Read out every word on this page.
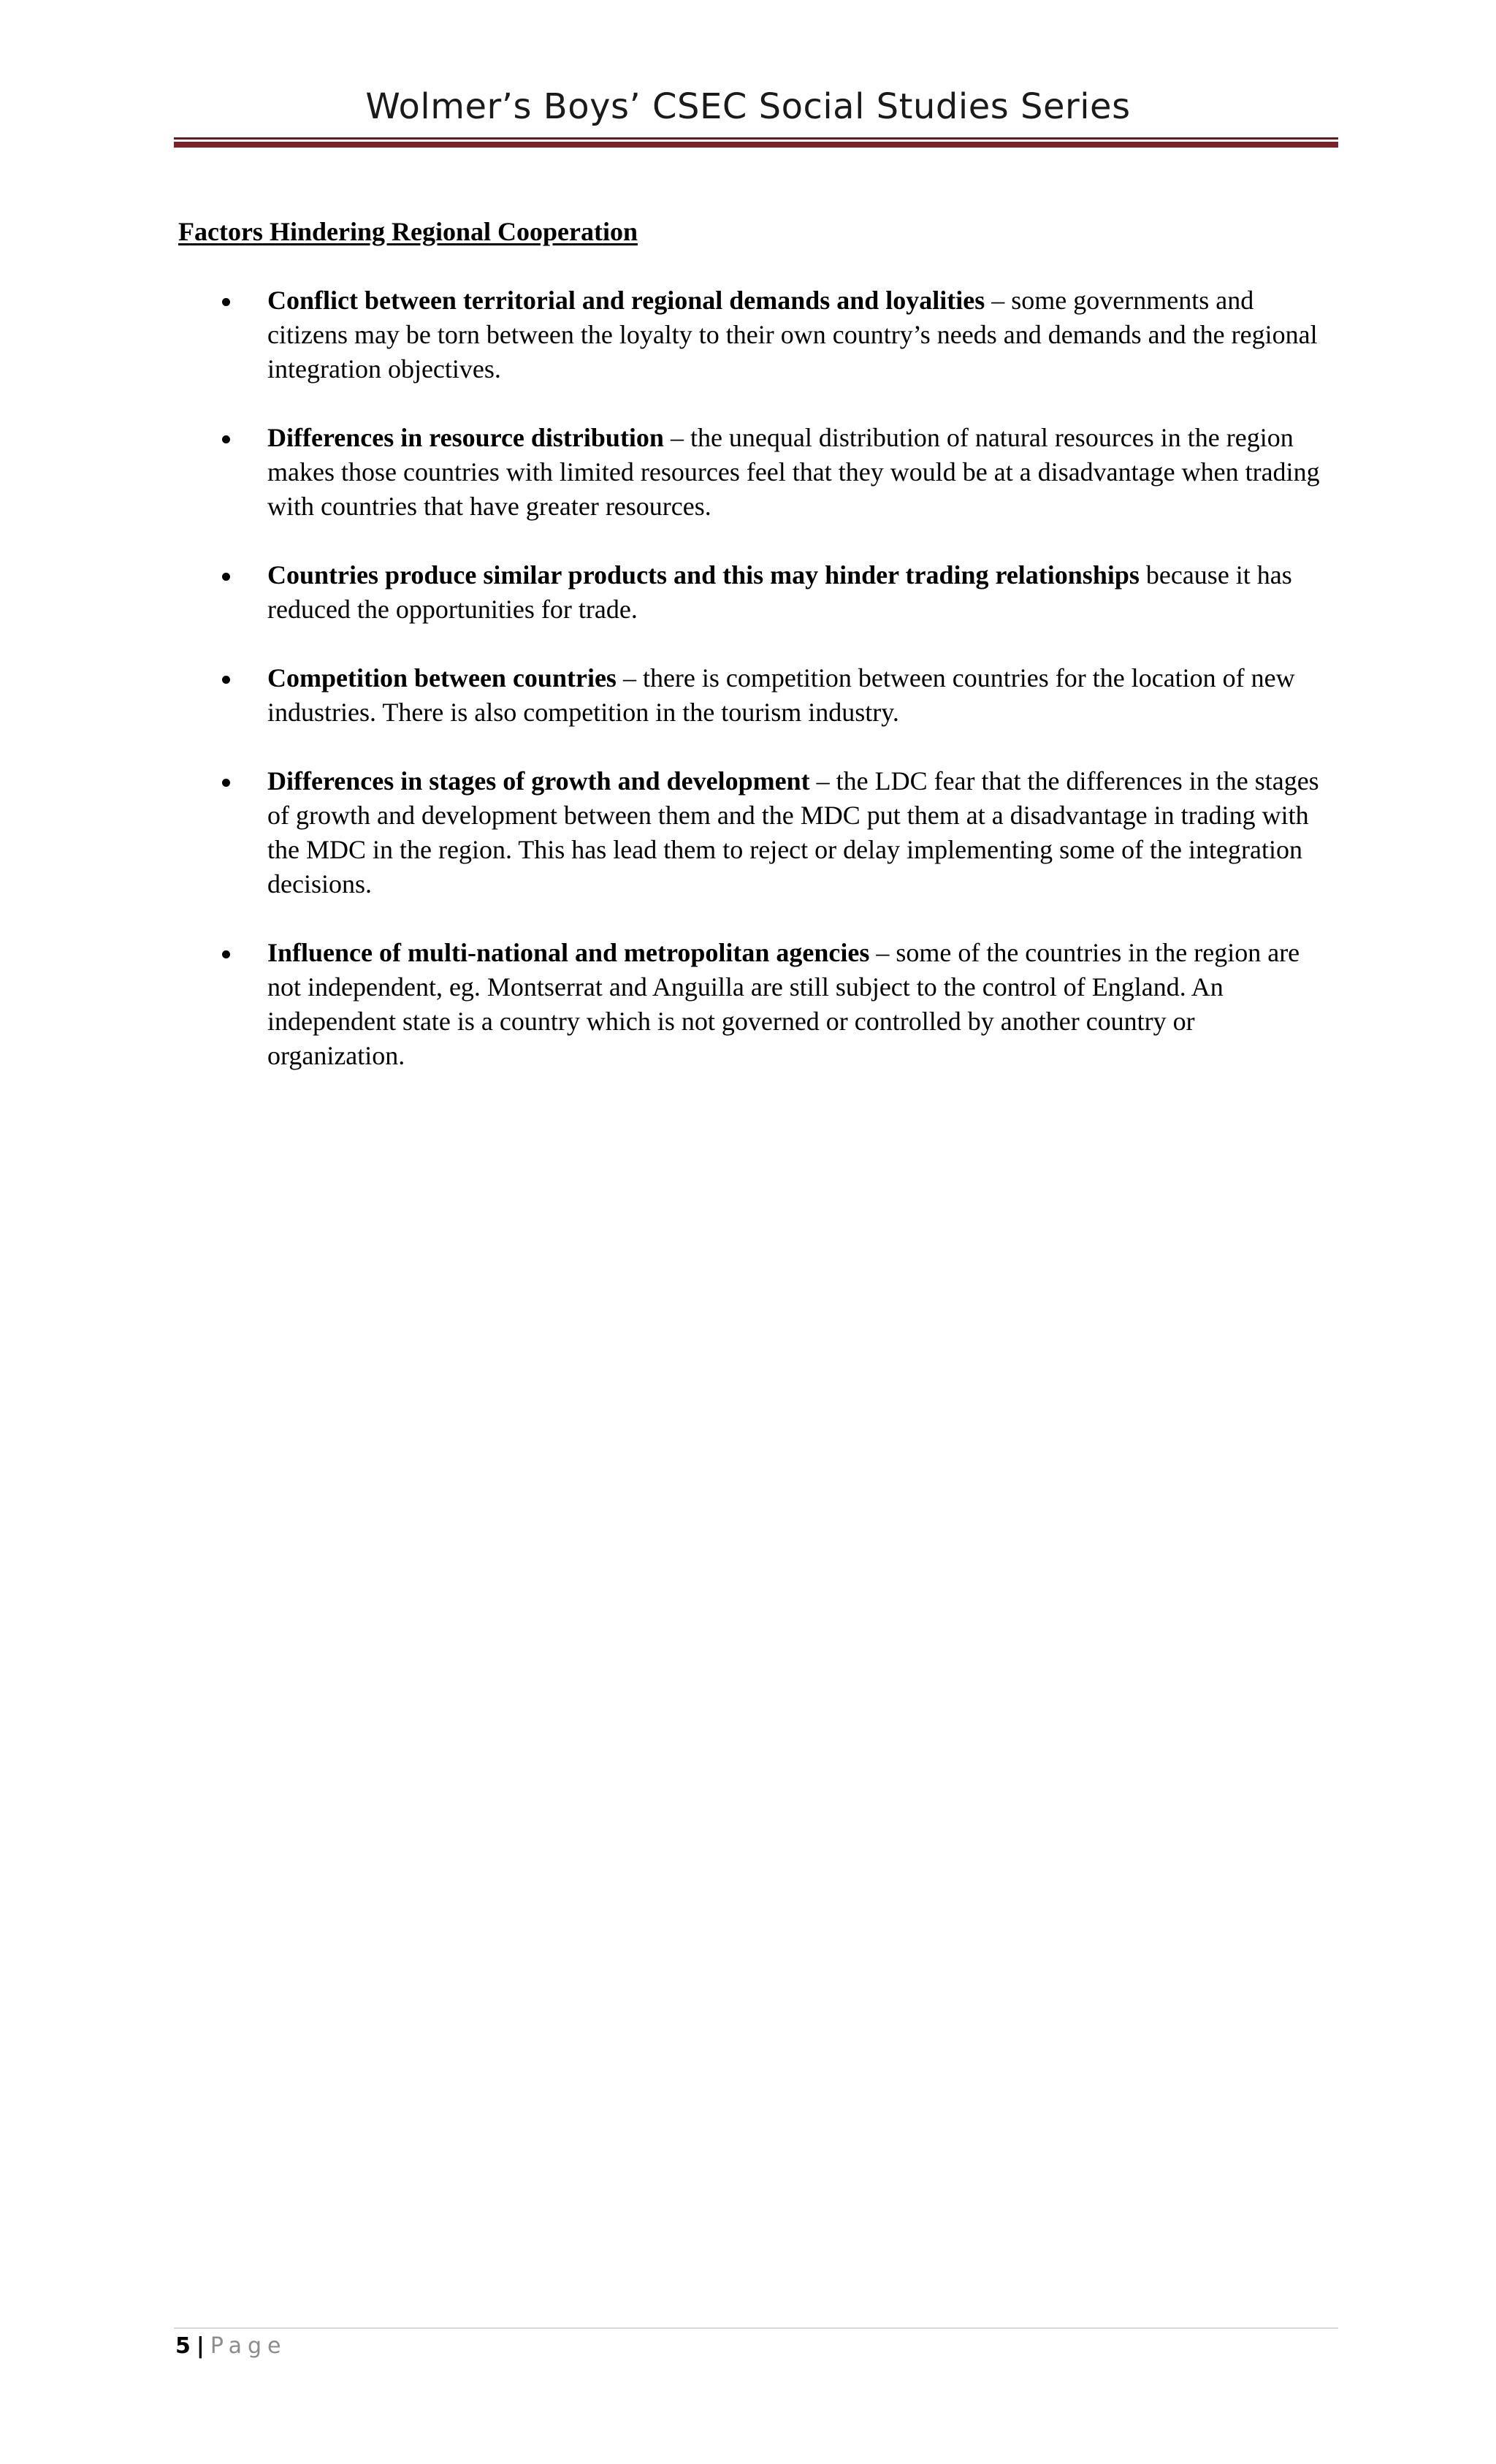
Wolmer’s Boys’ CSEC Social Studies Series
Factors Hindering Regional Cooperation
Conflict between territorial and regional demands and loyalities – some governments and citizens may be torn between the loyalty to their own country’s needs and demands and the regional integration objectives.
Differences in resource distribution – the unequal distribution of natural resources in the region makes those countries with limited resources feel that they would be at a disadvantage when trading with countries that have greater resources.
Countries produce similar products and this may hinder trading relationships because it has reduced the opportunities for trade.
Competition between countries – there is competition between countries for the location of new industries. There is also competition in the tourism industry.
Differences in stages of growth and development – the LDC fear that the differences in the stages of growth and development between them and the MDC put them at a disadvantage in trading with the MDC in the region. This has lead them to reject or delay implementing some of the integration decisions.
Influence of multi-national and metropolitan agencies – some of the countries in the region are not independent, eg. Montserrat and Anguilla are still subject to the control of England. An independent state is a country which is not governed or controlled by another country or organization.
5 | Page
